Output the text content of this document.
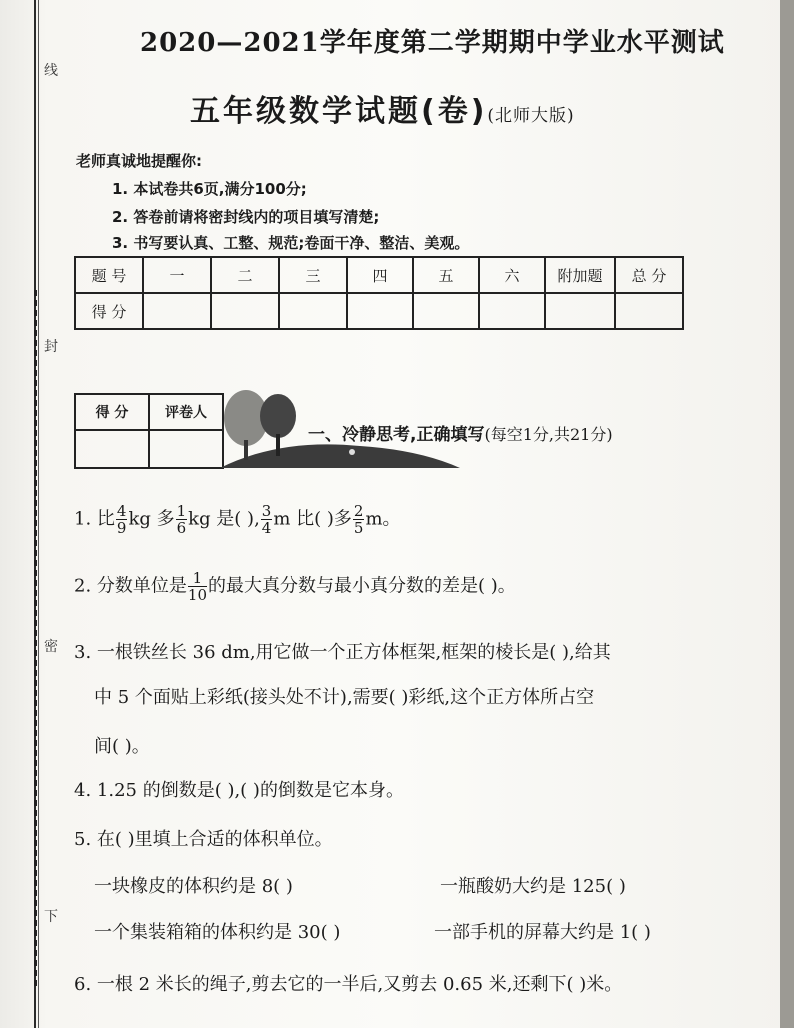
线
封
密
下
2020—2021学年度第二学期期中学业水平测试
五年级数学试题(卷)(北师大版)
老师真诚地提醒你:
1. 本试卷共6页,满分100分;
2. 答卷前请将密封线内的项目填写清楚;
3. 书写要认真、工整、规范;卷面干净、整洁、美观。
题 号	一	二	三	四	五	六	附加题	总 分
得 分								
得 分	评卷人

一、冷静思考,正确填写(每空1分,共21分)
1. 比 $\frac{4}{9}$ kg 多 $\frac{1}{6}$ kg 是( ), $\frac{3}{4}$ m 比( )多 $\frac{2}{5}$ m。
2. 分数单位是 $\frac{1}{10}$ 的最大真分数与最小真分数的差是( )。
3. 一根铁丝长 36 dm,用它做一个正方体框架,框架的棱长是( ),给其
中 5 个面贴上彩纸(接头处不计),需要( )彩纸,这个正方体所占空
间( )。
4. 1.25 的倒数是( ),( )的倒数是它本身。
5. 在( )里填上合适的体积单位。
一块橡皮的体积约是 8( )	一瓶酸奶大约是 125( )
一个集装箱箱的体积约是 30( )	一部手机的屏幕大约是 1( )
6. 一根 2 米长的绳子,剪去它的一半后,又剪去 0.65 米,还剩下( )米。
